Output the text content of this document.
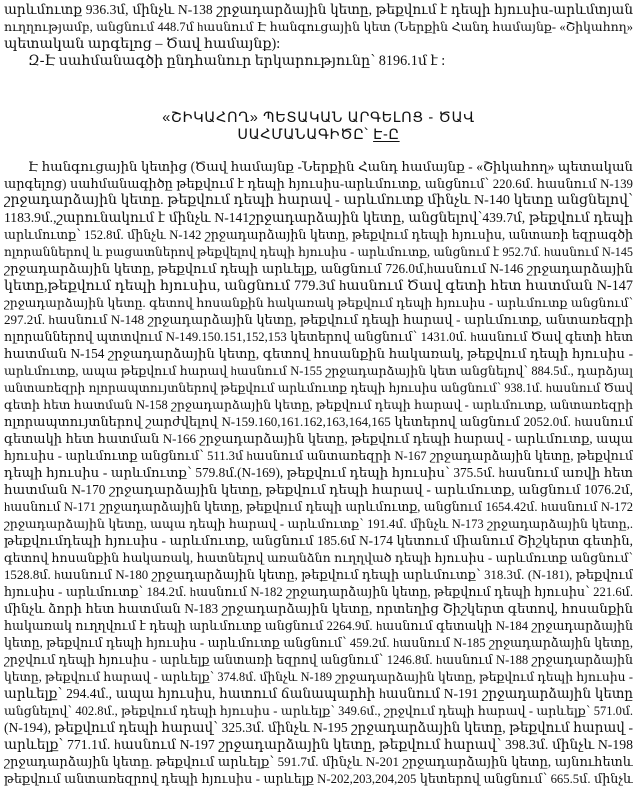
արևմուտք 936.3մ, մինչև N-138 շրջադարձային կետը, թեքվում է դեպի հյուսիս-արևմտյան
ուղղությամբ, անցնում 448.7մ hասնում Է հանգուցային կետ (Ներքին Հանդ համայնք- «Շիկահող»
պետական արգելոց – Ծավ համայնք):
Զ-Է սահմանագծի ընդհանուր երկարությունը՝ 8196.1մ է :
«ՇԻԿԱՀՈՂ» ՊԵՏԱԿԱՆ ԱՐԳԵԼՈՑ - ԾԱՎ
ՍԱՀՄԱՆԱԳԻԾԸ՝ Է-Ը
Է հանգուցային կետից (Ծավ համայնք -Ներքին Հանդ համայնք - «Շիկահող» պետական
արգելոց) սահմանագիծը թեքվում է դեպի հյուսիս-արևմուտք, անցնում՝ 220.6մ. հասնում N-139
շրջադարձային կետը. թեքվում դեպի հարավ - արևմուտք մինչև N-140 կետը անցնելով՝
1183.9մ.,շարունակում է մինչև N-141շրջադարձային կետը, անցնելով՝439.7մ, թեքվում դեպի
արևմուտք՝ 152.8մ. մինչև N-142 շրջադարձային կետը, թեքվում դեպի հյուսիս, անտառի եզրագծի
ոլորաններով և բացատներով թեքվելով դեպի հյուսիս - արևմուտք, անցնում է 952.7մ. hասնում N-145
շրջադարձային կետը, թեքվում դեպի արևելք, անցնում 726.0մ,hասնում N-146 շրջադարձային
կետը,թեքվում դեպի հյուսիս, անցնում 779.3մ hասնում Ծավ գետի հետ հատման N-147
շրջադարձային կետը. գետով հոսանքին հակառակ թեքվում դեպի հյուսիս - արևմուտք անցնում՝
297.2մ. hասնում N-148 շրջադարձային կետը, թեքվում դեպի հարավ - արևմուտք, անտառեզրի
ոլորաններով պտտվում N-149.150.151,152,153 կետերով անցնում՝ 1431.0մ. hասնում Ծավ գետի հետ
հատման N-154 շրջադարձային կետը, գետով հոսանքին հակառակ, թեքվում դեպի հյուսիս -
արևմուտք, ապա թեքվում հարավ hասնում N-155 շրջադարձային կետ անցնելով՝ 884.5մ., դարձյալ
անտառեզրի ոլորապտույտներով թեքվում արևմուտք դեպի հյուսիս անցնում՝ 938.1մ. hասնում Ծավ
գետի հետ հատման N-158 շրջադարձային կետը, թեքվում դեպի հարավ - արևմուտք, անտառեզրի
ոլորապտույտներով շարժվելով N-159.160,161.162,163,164,165 կետերով անցնում 2052.0մ. hասնում
գետակի հետ հատման N-166 շրջադարձային կետը, թեքվում դեպի հարավ - արևմուտք, ապա
հյուսիս - արևմուտք անցնում՝ 511.3մ hասնում անտառեզրի N-167 շրջադարձային կետը, թեքվում
դեպի հյուսիս - արևմուտք՝ 579.8մ.(N-169), թեքվում դեպի հյուսիս՝ 375.5մ. hասնում առվի հետ
հատման N-170 շրջադարձային կետը, թեքվում դեպի հարավ - արևմուտք, անցնում 1076.2մ,
hասնում N-171 շրջադարձային կետը, թեքվում դեպի արևմուտք, անցնում 1654.42մ. hասնում N-172
շրջադարձային կետը, ապա դեպի հարավ - արևմուտք՝ 191.4մ. մինչև N-173 շրջադարձային կետը,.
թեքվումդեպի հյուսիս - արևմուտք, անցնում 185.6մ N-174 կետում միանում Շիշկերտ գետին,
գետով հոսանքին հակառակ, հատնելով առանձնո ուղղված դեպի հյուսիս - արևմուտք անցնում՝
1528.8մ. hասնում N-180 շրջադարձային կետը, թեքվում դեպի արևմուտք՝ 318.3մ. (N-181), թեքվում
հյուսիս - արևմուտք՝ 184.2մ. hասնում N-182 շրջադարձային կետը, թեքվում դեպի հյուսիս՝ 221.6մ.
մինչև ձորի հետ հատման N-183 շրջադարձային կետը, որտեղից Շիշկերտ գետով, հոսանքին
հակառակ ուղղվում է դեպի արևմուտք անցնում 2264.9մ. hասնում գետակի N-184 շրջադարձային
կետը, թեքվում դեպի հյուսիս - արևմուտք անցնում՝ 459.2մ. hասնում N-185 շրջադարձային կետը,
շրջվում դեպի հյուսիս - արևելք անտառի եզրով անցնում՝ 1246.8մ. hասնում N-188 շրջադարձային
կետը, թեքվում հարավ - արևելք՝ 374.8մ. մինչև N-189 շրջադարձային կետը, թեքվում դեպի հյուսիս -
արևելք՝ 294.4մ., ապա հյուսիս, հատում ճանապարհի hասնում N-191 շրջադարձային կետը
անցնելով՝ 402.8մ., թեքվում դեպի հյուսիս - արևելք՝ 349.6մ., շրջվում դեպի հարավ - արևելք՝ 571.0մ.
(N-194), թեքվում դեպի հարավ՝ 325.3մ. մինչև N-195 շրջադարձային կետը, թեքվում հարավ -
արևելք՝ 771.1մ. hասնում N-197 շրջադարձային կետը, թեքվում հարավ՝ 398.3մ. մինչև N-198
շրջադարձային կետը. թեքվում արևելք՝ 591.7մ. մինչև N-201 շրջադարձային կետը, այնուհետև
թեքվում անտառեզրով դեպի հյուսիս - արևելք N-202,203,204,205 կետերով անցնում՝ 665.5մ. մինչև
